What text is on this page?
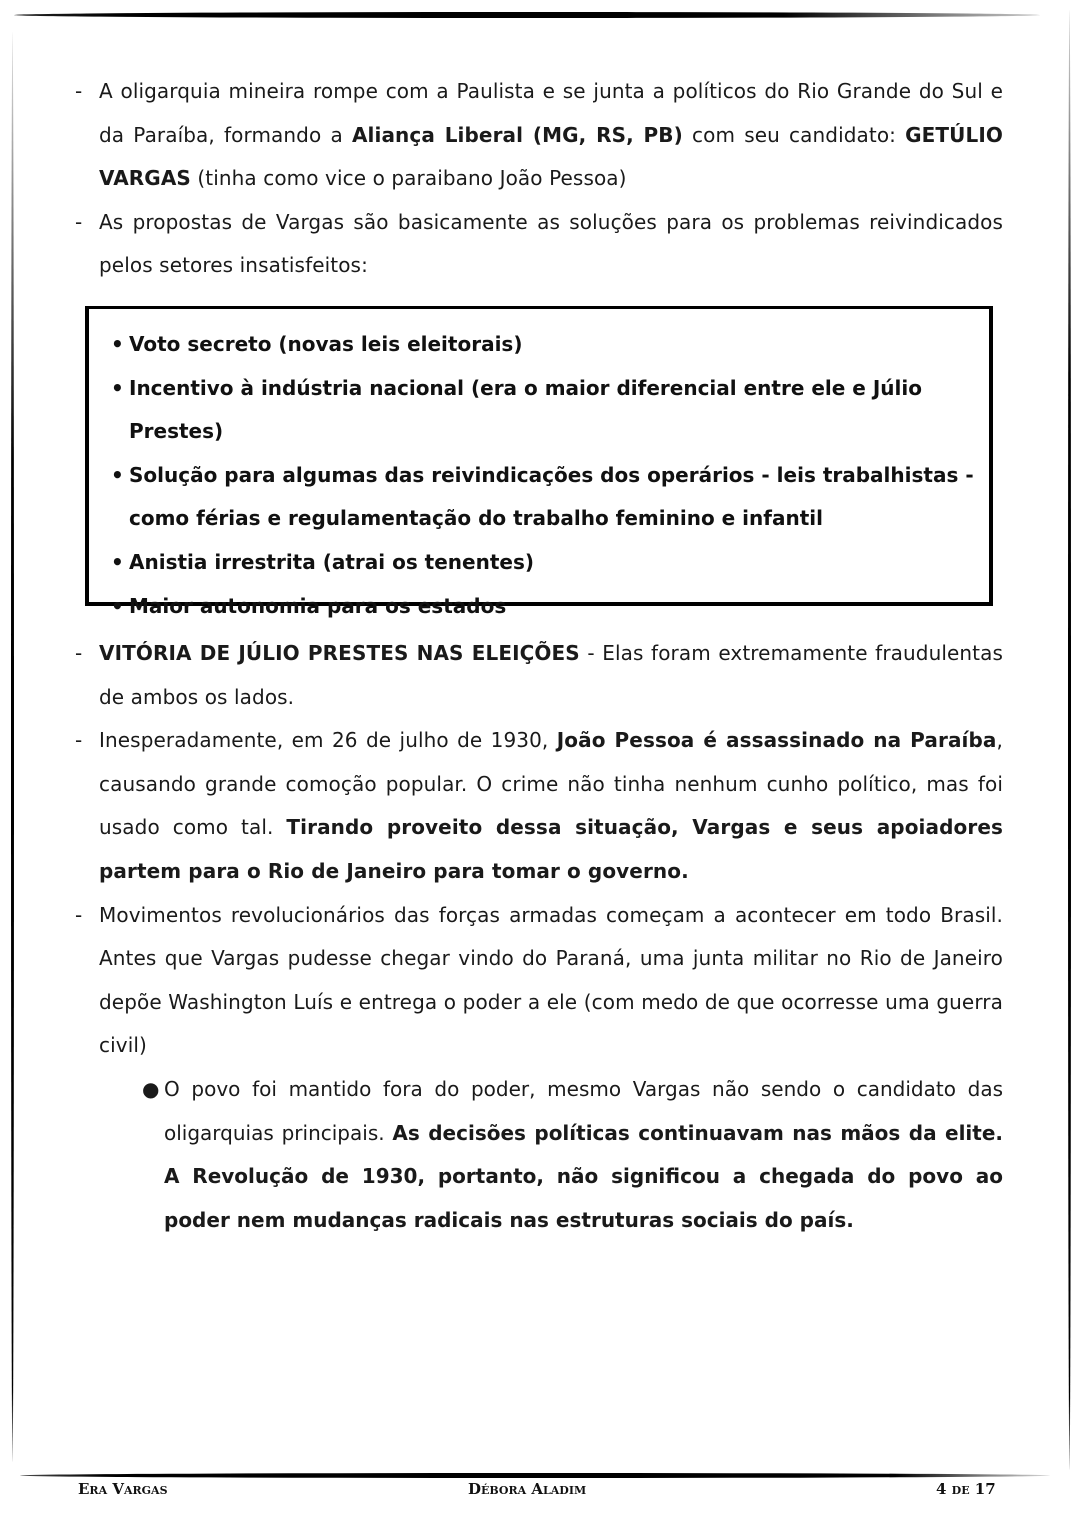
- A oligarquia mineira rompe com a Paulista e se junta a políticos do Rio Grande do Sul e da Paraíba, formando a Aliança Liberal (MG, RS, PB) com seu candidato: GETÚLIO VARGAS (tinha como vice o paraibano João Pessoa)
- As propostas de Vargas são basicamente as soluções para os problemas reivindicados pelos setores insatisfeitos:
• Voto secreto (novas leis eleitorais)
• Incentivo à indústria nacional (era o maior diferencial entre ele e Júlio Prestes)
• Solução para algumas das reivindicações dos operários - leis trabalhistas - como férias e regulamentação do trabalho feminino e infantil
• Anistia irrestrita (atrai os tenentes)
• Maior autonomia para os estados
- VITÓRIA DE JÚLIO PRESTES NAS ELEIÇÕES - Elas foram extremamente fraudulentas de ambos os lados.
- Inesperadamente, em 26 de julho de 1930, João Pessoa é assassinado na Paraíba, causando grande comoção popular. O crime não tinha nenhum cunho político, mas foi usado como tal. Tirando proveito dessa situação, Vargas e seus apoiadores partem para o Rio de Janeiro para tomar o governo.
- Movimentos revolucionários das forças armadas começam a acontecer em todo Brasil. Antes que Vargas pudesse chegar vindo do Paraná, uma junta militar no Rio de Janeiro depõe Washington Luís e entrega o poder a ele (com medo de que ocorresse uma guerra civil)
● O povo foi mantido fora do poder, mesmo Vargas não sendo o candidato das oligarquias principais. As decisões políticas continuavam nas mãos da elite. A Revolução de 1930, portanto, não significou a chegada do povo ao poder nem mudanças radicais nas estruturas sociais do país.
Era Vargas	Débora Aladim	4 de 17
